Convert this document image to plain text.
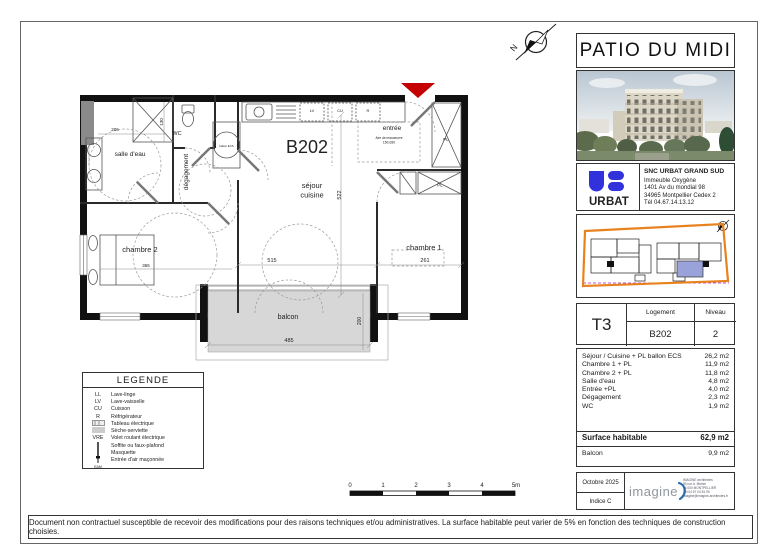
B202
séjour
cuisine
chambre 1
chambre 2
salle d'eau	dégagement
entrée
WC
balcon
Aire de manoeuvre
150x330
ballon ECS
PL
PL
LV	CU	R
522
515	261
485
200
206
238
130
365
N
0	1	2	3	4	5m
LEGENDE
LL	Lave-linge
LV	Lave-vaisselle
CU	Cuisson
R	Réfrigérateur
Tableau électrique
Sèche-serviette
VRE	Volet roulant électrique
Soffite ou faux-plafond
Masquette
Entrée d'air maçonnée
EAM
PATIO DU MIDI
UR BAT
SNC URBAT GRAND SUD
Immeuble Oxygène
1401 Av du mondial 98
34965 Montpellier Cedex 2
Tél 04.67.14.13.12
T3
Logement
B202
Niveau
2
Séjour / Cuisine + PL ballon ECS	26,2 m2
Chambre 1 + PL	11,9 m2
Chambre 2 + PL	11,8 m2
Salle d'eau	4,8 m2
Entrée +PL	4,0 m2
Dégagement	2,3 m2
WC	1,9 m2
Surface habitable	62,9 m2
Balcon	9,9 m2
Octobre 2025
Indice C
imagine
IMAGINE architectes
89 rue A. Michel
34 000 MONTPELLIER
Tél 04 67 04 81 09
imagine@imagine-architectes.fr
Document non contractuel susceptible de recevoir des modifications pour des raisons techniques et/ou administratives. La surface habitable peut varier de 5% en fonction des techniques de construction choisies.
